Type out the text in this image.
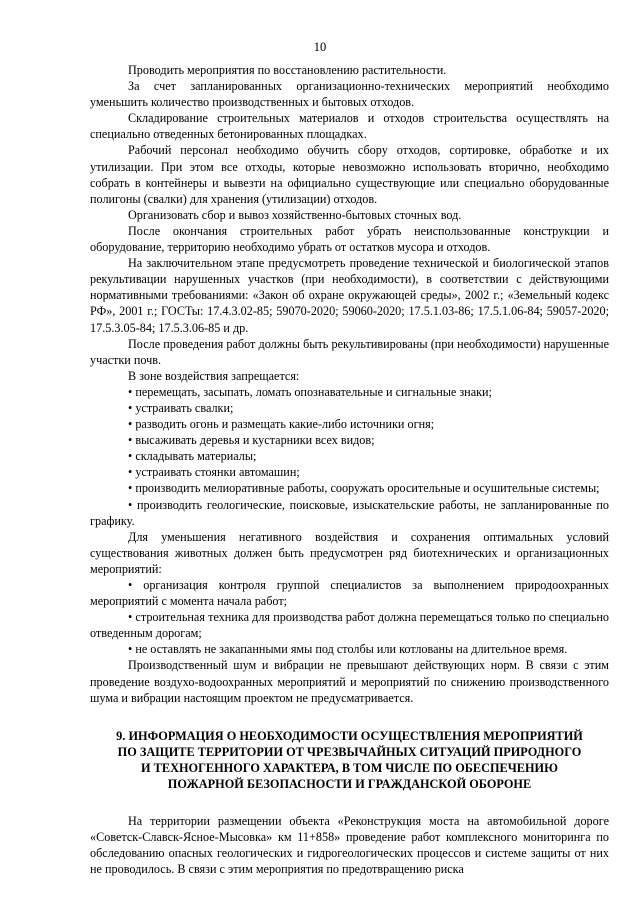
10

Проводить мероприятия по восстановлению растительности.

За счет запланированных организационно-технических мероприятий необходимо уменьшить количество производственных и бытовых отходов.

Складирование строительных материалов и отходов строительства осуществлять на специально отведенных бетонированных площадках.

Рабочий персонал необходимо обучить сбору отходов, сортировке, обработке и их утилизации. При этом все отходы, которые невозможно использовать вторично, необходимо собрать в контейнеры и вывезти на официально существующие или специально оборудованные полигоны (свалки) для хранения (утилизации) отходов.

Организовать сбор и вывоз хозяйственно-бытовых сточных вод.

После окончания строительных работ убрать неиспользованные конструкции и оборудование, территорию необходимо убрать от остатков мусора и отходов.

На заключительном этапе предусмотреть проведение технической и биологической этапов рекультивации нарушенных участков (при необходимости), в соответствии с действующими нормативными требованиями: «Закон об охране окружающей среды», 2002 г.; «Земельный кодекс РФ», 2001 г.; ГОСТы: 17.4.3.02-85; 59070-2020; 59060-2020; 17.5.1.03-86; 17.5.1.06-84; 59057-2020; 17.5.3.05-84; 17.5.3.06-85 и др.

После проведения работ должны быть рекультивированы (при необходимости) нарушенные участки почв.

В зоне воздействия запрещается:

• перемещать, засыпать, ломать опознавательные и сигнальные знаки;

• устраивать свалки;

• разводить огонь и размещать какие-либо источники огня;

• высаживать деревья и кустарники всех видов;

• складывать материалы;

• устраивать стоянки автомашин;

• производить мелиоративные работы, сооружать оросительные и осушительные системы;

• производить геологические, поисковые, изыскательские работы, не запланированные по графику.

Для уменьшения негативного воздействия и сохранения оптимальных условий существования животных должен быть предусмотрен ряд биотехнических и организационных мероприятий:

• организация контроля группой специалистов за выполнением природоохранных мероприятий с момента начала работ;

• строительная техника для производства работ должна перемещаться только по специально отведенным дорогам;

• не оставлять не закапанными ямы под столбы или котлованы на длительное время.

Производственный шум и вибрации не превышают действующих норм. В связи с этим проведение воздухо-водоохранных мероприятий и мероприятий по снижению производственного шума и вибрации настоящим проектом не предусматривается.

9. ИНФОРМАЦИЯ О НЕОБХОДИМОСТИ ОСУЩЕСТВЛЕНИЯ МЕРОПРИЯТИЙ
ПО ЗАЩИТЕ ТЕРРИТОРИИ ОТ ЧРЕЗВЫЧАЙНЫХ СИТУАЦИЙ ПРИРОДНОГО
И ТЕХНОГЕННОГО ХАРАКТЕРА, В ТОМ ЧИСЛЕ ПО ОБЕСПЕЧЕНИЮ
ПОЖАРНОЙ БЕЗОПАСНОСТИ И ГРАЖДАНСКОЙ ОБОРОНЕ

На территории размещении объекта «Реконструкция моста на автомобильной дороге «Советск-Славск-Ясное-Мысовка» км 11+858» проведение работ комплексного мониторинга по обследованию опасных геологических и гидрогеологических процессов и системе защиты от них не проводилось. В связи с этим мероприятия по предотвращению риска
